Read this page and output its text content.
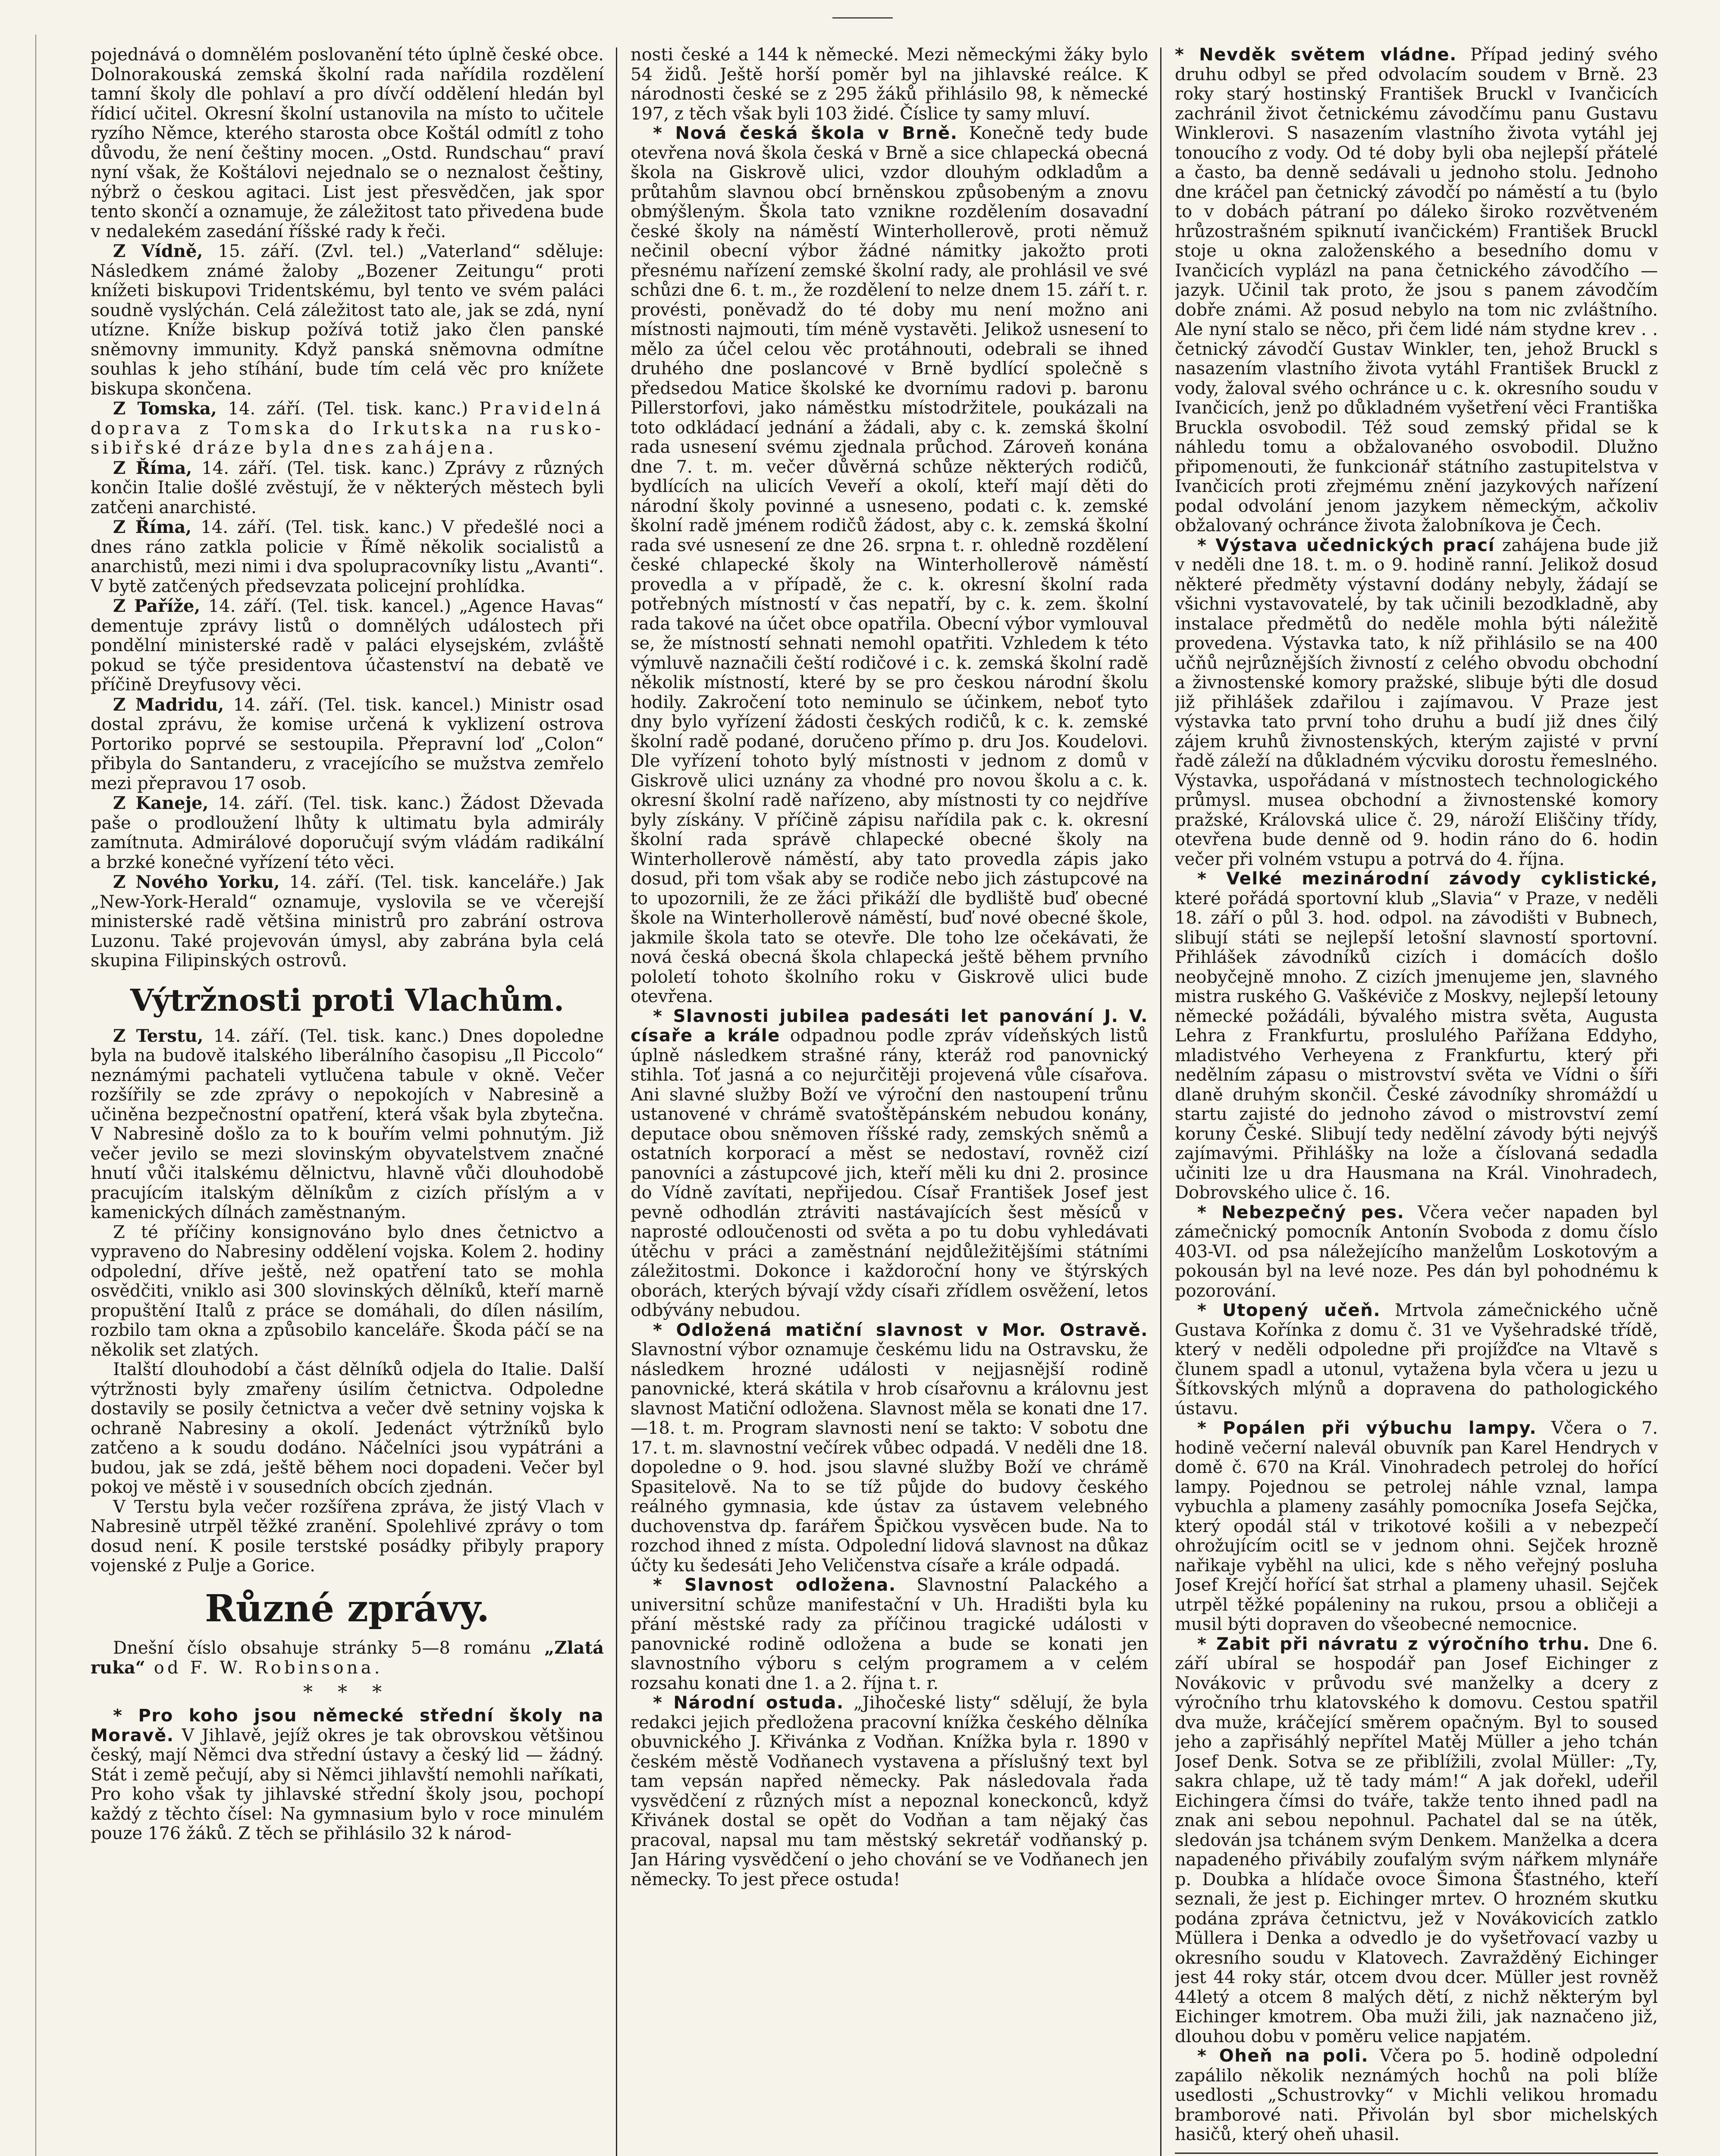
pojednává o domnělém poslovanění této úplně české obce. Dolnorakouská zemská školní rada nařídila rozdělení tamní školy dle pohlaví a pro dívčí oddělení hledán byl řídicí učitel. Okresní školní ustanovila na místo to učitele ryzího Němce, kterého starosta obce Koštál odmítl z toho důvodu, že není češtiny mocen. „Ostd. Rundschau“ praví nyní však, že Koštálovi nejednalo se o neznalost češtiny, nýbrž o českou agitaci. List jest přesvědčen, jak spor tento skončí a oznamuje, že záležitost tato přivedena bude v nedalekém zasedání říšské rady k řeči.

Z Vídně, 15. září. (Zvl. tel.) „Vaterland“ sděluje: Následkem známé žaloby „Bozener Zeitungu“ proti knížeti biskupovi Tridentskému, byl tento ve svém paláci soudně vyslýchán. Celá záležitost tato ale, jak se zdá, nyní utízne. Kníže biskup požívá totiž jako člen panské sněmovny immunity. Když panská sněmovna odmítne souhlas k jeho stíhání, bude tím celá věc pro knížete biskupa skončena.

Z Tomska, 14. září. (Tel. tisk. kanc.) Pravidelná doprava z Tomska do Irkutska na rusko-sibiřské dráze byla dnes zahájena.

Z Říma, 14. září. (Tel. tisk. kanc.) Zprávy z různých končin Italie došlé zvěstují, že v některých městech byli zatčeni anarchisté.

Z Říma, 14. září. (Tel. tisk. kanc.) V předešlé noci a dnes ráno zatkla policie v Římě několik socialistů a anarchistů, mezi nimi i dva spolupracovníky listu „Avanti“. V bytě zatčených předsevzata policejní prohlídka.

Z Paříže, 14. září. (Tel. tisk. kancel.) „Agence Havas“ dementuje zprávy listů o domnělých událostech při pondělní ministerské radě v paláci elysejském, zvláště pokud se týče presidentova účastenství na debatě ve příčině Dreyfusovy věci.

Z Madridu, 14. září. (Tel. tisk. kancel.) Ministr osad dostal zprávu, že komise určená k vyklizení ostrova Portoriko poprvé se sestoupila. Přepravní loď „Colon“ přibyla do Santanderu, z vracejícího se mužstva zemřelo mezi přepravou 17 osob.

Z Kaneje, 14. září. (Tel. tisk. kanc.) Žádost Dževada paše o prodloužení lhůty k ultimatu byla admirály zamítnuta. Admirálové doporučují svým vládám radikální a brzké konečné vyřízení této věci.

Z Nového Yorku, 14. září. (Tel. tisk. kanceláře.) Jak „New-York-Herald“ oznamuje, vyslovila se ve včerejší ministerské radě většina ministrů pro zabrání ostrova Luzonu. Také projevován úmysl, aby zabrána byla celá skupina Filipinských ostrovů.

Výtržnosti proti Vlachům.

Z Terstu, 14. září. (Tel. tisk. kanc.) Dnes dopoledne byla na budově italského liberálního časopisu „Il Piccolo“ neznámými pachateli vytlučena tabule v okně. Večer rozšířily se zde zprávy o nepokojích v Nabresině a učiněna bezpečnostní opatření, která však byla zbytečna. V Nabresině došlo za to k bouřím velmi pohnutým. Již večer jevilo se mezi slovinským obyvatelstvem značné hnutí vůči italskému dělnictvu, hlavně vůči dlouhodobě pracujícím italským dělníkům z cizích příslým a v kamenických dílnách zaměstnaným.

Z té příčiny konsignováno bylo dnes četnictvo a vypraveno do Nabresiny oddělení vojska. Kolem 2. hodiny odpolední, dříve ještě, než opatření tato se mohla osvědčiti, vniklo asi 300 slovinských dělníků, kteří marně propuštění Italů z práce se domáhali, do dílen násilím, rozbilo tam okna a způsobilo kanceláře. Škoda páčí se na několik set zlatých.

Italští dlouhodobí a část dělníků odjela do Italie. Další výtržnosti byly zmařeny úsilím četnictva. Odpoledne dostavily se posily četnictva a večer dvě setniny vojska k ochraně Nabresiny a okolí. Jedenáct výtržníků bylo zatčeno a k soudu dodáno. Náčelníci jsou vypátráni a budou, jak se zdá, ještě během noci dopadeni. Večer byl pokoj ve městě i v sousedních obcích zjednán.

V Terstu byla večer rozšířena zpráva, že jistý Vlach v Nabresině utrpěl těžké zranění. Spolehlivé zprávy o tom dosud není. K posile terstské posádky přibyly prapory vojenské z Pulje a Gorice.

Různé zprávy.

Dnešní číslo obsahuje stránky 5—8 románu „Zlatá ruka“ od F. W. Robinsona.

* * *

* Pro koho jsou německé střední školy na Moravě. V Jihlavě, jejíž okres je tak obrovskou většinou český, mají Němci dva střední ústavy a český lid — žádný. Stát i země pečují, aby si Němci jihlavští nemohli naříkati, Pro koho však ty jihlavské střední školy jsou, pochopí každý z těchto čísel: Na gymnasium bylo v roce minulém pouze 176 žáků. Z těch se přihlásilo 32 k národ-

nosti české a 144 k německé. Mezi německými žáky bylo 54 židů. Ještě horší poměr byl na jihlavské reálce. K národnosti české se z 295 žáků přihlásilo 98, k německé 197, z těch však byli 103 židé. Číslice ty samy mluví.

* Nová česká škola v Brně. Konečně tedy bude otevřena nová škola česká v Brně a sice chlapecká obecná škola na Giskrově ulici, vzdor dlouhým odkladům a průtahům slavnou obcí brněnskou způsobeným a znovu obmýšleným. Škola tato vznikne rozdělením dosavadní české školy na náměstí Winterhollerově, proti němuž nečinil obecní výbor žádné námitky jakožto proti přesnému nařízení zemské školní rady, ale prohlásil ve své schůzi dne 6. t. m., že rozdělení to nelze dnem 15. září t. r. provésti, poněvadž do té doby mu není možno ani místnosti najmouti, tím méně vystavěti. Jelikož usnesení to mělo za účel celou věc protáhnouti, odebrali se ihned druhého dne poslancové v Brně bydlící společně s předsedou Matice školské ke dvornímu radovi p. baronu Pillerstorfovi, jako náměstku místodržitele, poukázali na toto odkládací jednání a žádali, aby c. k. zemská školní rada usnesení svému zjednala průchod. Zároveň konána dne 7. t. m. večer důvěrná schůze některých rodičů, bydlících na ulicích Veveří a okolí, kteří mají děti do národní školy povinné a usneseno, podati c. k. zemské školní radě jménem rodičů žádost, aby c. k. zemská školní rada své usnesení ze dne 26. srpna t. r. ohledně rozdělení české chlapecké školy na Winterhollerově náměstí provedla a v případě, že c. k. okresní školní rada potřebných místností v čas nepatří, by c. k. zem. školní rada takové na účet obce opatřila. Obecní výbor vymlouval se, že místností sehnati nemohl opatřiti. Vzhledem k této výmluvě naznačili čeští rodičové i c. k. zemská školní radě několik místností, které by se pro českou národní školu hodily. Zakročení toto neminulo se účinkem, neboť tyto dny bylo vyřízení žádosti českých rodičů, k c. k. zemské školní radě podané, doručeno přímo p. dru Jos. Koudelovi. Dle vyřízení tohoto bylý místnosti v jednom z domů v Giskrově ulici uznány za vhodné pro novou školu a c. k. okresní školní radě nařízeno, aby místnosti ty co nejdříve byly získány. V příčině zápisu nařídila pak c. k. okresní školní rada správě chlapecké obecné školy na Winterhollerově náměstí, aby tato provedla zápis jako dosud, při tom však aby se rodiče nebo jich zástupcové na to upozornili, že ze žáci přikáží dle bydliště buď obecné škole na Winterhollerově náměstí, buď nové obecné škole, jakmile škola tato se otevře. Dle toho lze očekávati, že nová česká obecná škola chlapecká ještě během prvního pololetí tohoto školního roku v Giskrově ulici bude otevřena.

* Slavnosti jubilea padesáti let panování J. V. císaře a krále odpadnou podle zpráv vídeňských listů úplně následkem strašné rány, kteráž rod panovnický stihla. Toť jasná a co nejurčitěji projevená vůle císařova. Ani slavné služby Boží ve výroční den nastoupení trůnu ustanovené v chrámě svatoštěpánském nebudou konány, deputace obou sněmoven říšské rady, zemských sněmů a ostatních korporací a měst se nedostaví, rovněž cizí panovníci a zástupcové jich, kteří měli ku dni 2. prosince do Vídně zavítati, nepřijedou. Císař František Josef jest pevně odhodlán ztráviti nastávajících šest měsíců v naprosté odloučenosti od světa a po tu dobu vyhledávati útěchu v práci a zaměstnání nejdůležitějšími státními záležitostmi. Dokonce i každoroční hony ve štýrských oborách, kterých bývají vždy císaři zřídlem osvěžení, letos odbývány nebudou.

* Odložená matiční slavnost v Mor. Ostravě. Slavnostní výbor oznamuje českému lidu na Ostravsku, že následkem hrozné události v nejjasnější rodině panovnické, která skátila v hrob císařovnu a královnu jest slavnost Matiční odložena. Slavnost měla se konati dne 17.—18. t. m. Program slavnosti není se takto: V sobotu dne 17. t. m. slavnostní večírek vůbec odpadá. V neděli dne 18. dopoledne o 9. hod. jsou slavné služby Boží ve chrámě Spasitelově. Na to se tíž půjde do budovy českého reálného gymnasia, kde ústav za ústavem velebného duchovenstva dp. farářem Špičkou vysvěcen bude. Na to rozchod ihned z místa. Odpolední lidová slavnost na důkaz účty ku šedesáti Jeho Veličenstva císaře a krále odpadá.

* Slavnost odložena. Slavnostní Palackého a universitní schůze manifestační v Uh. Hradišti byla ku přání městské rady za příčinou tragické události v panovnické rodině odložena a bude se konati jen slavnostního výboru s celým programem a v celém rozsahu konati dne 1. a 2. října t. r.

* Národní ostuda. „Jihočeské listy“ sdělují, že byla redakci jejich předložena pracovní knížka českého dělníka obuvnického J. Křivánka z Vodňan. Knížka byla r. 1890 v českém městě Vodňanech vystavena a příslušný text byl tam vepsán napřed německy. Pak následovala řada vysvědčení z různých míst a nepoznal koneckonců, když Křivánek dostal se opět do Vodňan a tam nějaký čas pracoval, napsal mu tam městský sekretář vodňanský p. Jan Háring vysvědčení o jeho chování se ve Vodňanech jen německy. To jest přece ostuda!

* Nevděk světem vládne. Případ jediný svého druhu odbyl se před odvolacím soudem v Brně. 23 roky starý hostinský František Bruckl v Ivančicích zachránil život četnickému závodčímu panu Gustavu Winklerovi. S nasazením vlastního života vytáhl jej tonoucího z vody. Od té doby byli oba nejlepší přátelé a často, ba denně sedávali u jednoho stolu. Jednoho dne kráčel pan četnický závodčí po náměstí a tu (bylo to v dobách pátraní po dálekо široko rozvětveném hrůzostrašném spiknutí ivančickém) František Bruckl stoje u okna založenského a besedního domu v Ivančicích vyplázl na pana četnického závodčího — jazyk. Učinil tak proto, že jsou s panem závodčím dobře známi. Až posud nebylo na tom nic zvláštního. Ale nyní stalo se něco, při čem lidé nám stydne krev . . četnický závodčí Gustav Winkler, ten, jehož Bruckl s nasazením vlastního života vytáhl František Bruckl z vody, žaloval svého ochránce u c. k. okresního soudu v Ivančicích, jenž po důkladném vyšetření věci Františka Bruckla osvobodil. Též soud zemský přidal se k náhledu tomu a obžalovaného osvobodil. Dlužno připomenouti, že funkcionář státního zastupitelstva v Ivančicích proti zřejmému znění jazykových nařízení podal odvolání jenom jazykem německým, ačkoliv obžalovaný ochránce života žalobníkova je Čech.

* Výstava učednických prací zahájena bude již v neděli dne 18. t. m. o 9. hodině ranní. Jelikož dosud některé předměty výstavní dodány nebyly, žádají se všichni vystavovatelé, by tak učinili bezodkladně, aby instalace předmětů do neděle mohla býti náležitě provedena. Výstavka tato, k níž přihlásilo se na 400 učňů nejrůznějších živností z celého obvodu obchodní a živnostenské komory pražské, slibuje býti dle dosud již přihlášek zdařilou i zajímavou. V Praze jest výstavka tato první toho druhu a budí již dnes čilý zájem kruhů živnostenských, kterým zajisté v první řadě záleží na důkladném výcviku dorostu řemeslného. Výstavka, uspořádaná v místnostech technologického průmysl. musea obchodní a živnostenské komory pražské, Královská ulice č. 29, nároží Eliščiny třídy, otevřena bude denně od 9. hodin ráno do 6. hodin večer při volném vstupu a potrvá do 4. října.

* Velké mezinárodní závody cyklistické, které pořádá sportovní klub „Slavia“ v Praze, v neděli 18. září o půl 3. hod. odpol. na závodišti v Bubnech, slibují státi se nejlepší letošní slavností sportovní. Přihlášek závodníků cizích i domácích došlo neobyčejně mnoho. Z cizích jmenujeme jen, slavného mistra ruského G. Vaškéviče z Moskvy, nejlepší letouny německé požádáli, bývalého mistra světa, Augusta Lehra z Frankfurtu, proslulého Pařížana Eddyho, mladistvého Verheyena z Frankfurtu, který při nedělním zápasu o mistrovství světa ve Vídni o šíři dlaně druhým skončil. České závodníky shromáždí u startu zajisté do jednoho závod o mistrovství zemí koruny České. Slibují tedy nedělní závody býti nejvýš zajímavými. Přihlášky na lože a číslovaná sedadla učiniti lze u dra Hausmana na Král. Vinohradech, Dobrovského ulice č. 16.

* Nebezpečný pes. Včera večer napaden byl zámečnický pomocník Antonín Svoboda z domu číslo 403-VI. od psa náležejícího manželům Loskotovým a pokousán byl na levé noze. Pes dán byl pohodnému k pozorování.

* Utopený učeň. Mrtvola zámečnického učně Gustava Kořínka z domu č. 31 ve Vyšehradské třídě, který v neděli odpoledne při projížďce na Vltavě s člunem spadl a utonul, vytažena byla včera u jezu u Šítkovských mlýnů a dopravena do pathologického ústavu.

* Popálen při výbuchu lampy. Včera o 7. hodině večerní nalevál obuvník pan Karel Hendrych v domě č. 670 na Král. Vinohradech petrolej do hořící lampy. Pojednou se petrolej náhle vznal, lampa vybuchla a plameny zasáhly pomocníka Josefa Sejčka, který opodál stál v trikotové košili a v nebezpečí ohrožujícím ocitl se v jednom ohni. Sejček hrozně nařikaje vyběhl na ulici, kde s něho veřejný posluha Josef Krejčí hořící šat strhal a plameny uhasil. Sejček utrpěl těžké popáleniny na rukou, prsou a obličeji a musil býti dopraven do všeobecné nemocnice.

* Zabit při návratu z výročního trhu. Dne 6. září ubíral se hospodář pan Josef Eichinger z Novákovic v průvodu své manželky a dcery z výročního trhu klatovského k domovu. Cestou spatřil dva muže, kráčející směrem opačným. Byl to soused jeho a zapřisáhlý nepřítel Matěj Müller a jeho tchán Josef Denk. Sotva se ze přiblížili, zvolal Müller: „Ty, sakra chlape, už tě tady mám!“ A jak dořekl, udeřil Eichingera čímsi do tváře, takže tento ihned padl na znak ani sebou nepohnul. Pachatel dal se na útěk, sledován jsa tchánem svým Denkem. Manželka a dcera napadeného přivábily zoufalým svým nářkem mlynáře p. Doubka a hlídače ovoce Šimona Šťastného, kteří seznali, že jest p. Eichinger mrtev. O hrozném skutku podána zpráva četnictvu, jež v Novákovicích zatklo Müllera i Denka a odvedlo je do vyšetřovací vazby u okresního soudu v Klatovech. Zavražděný Eichinger jest 44 roky stár, otcem dvou dcer. Müller jest rovněž 44letý a otcem 8 malých dětí, z nichž některým byl Eichinger kmotrem. Oba muži žili, jak naznačeno již, dlouhou dobu v poměru velice napjatém.

* Oheň na poli. Včera po 5. hodině odpolední zapálilo několik neznámých hochů na poli blíže usedlosti „Schustrovky“ v Michli velikou hromadu bramborové nati. Přivolán byl sbor michelských hasičů, který oheň uhasil.
